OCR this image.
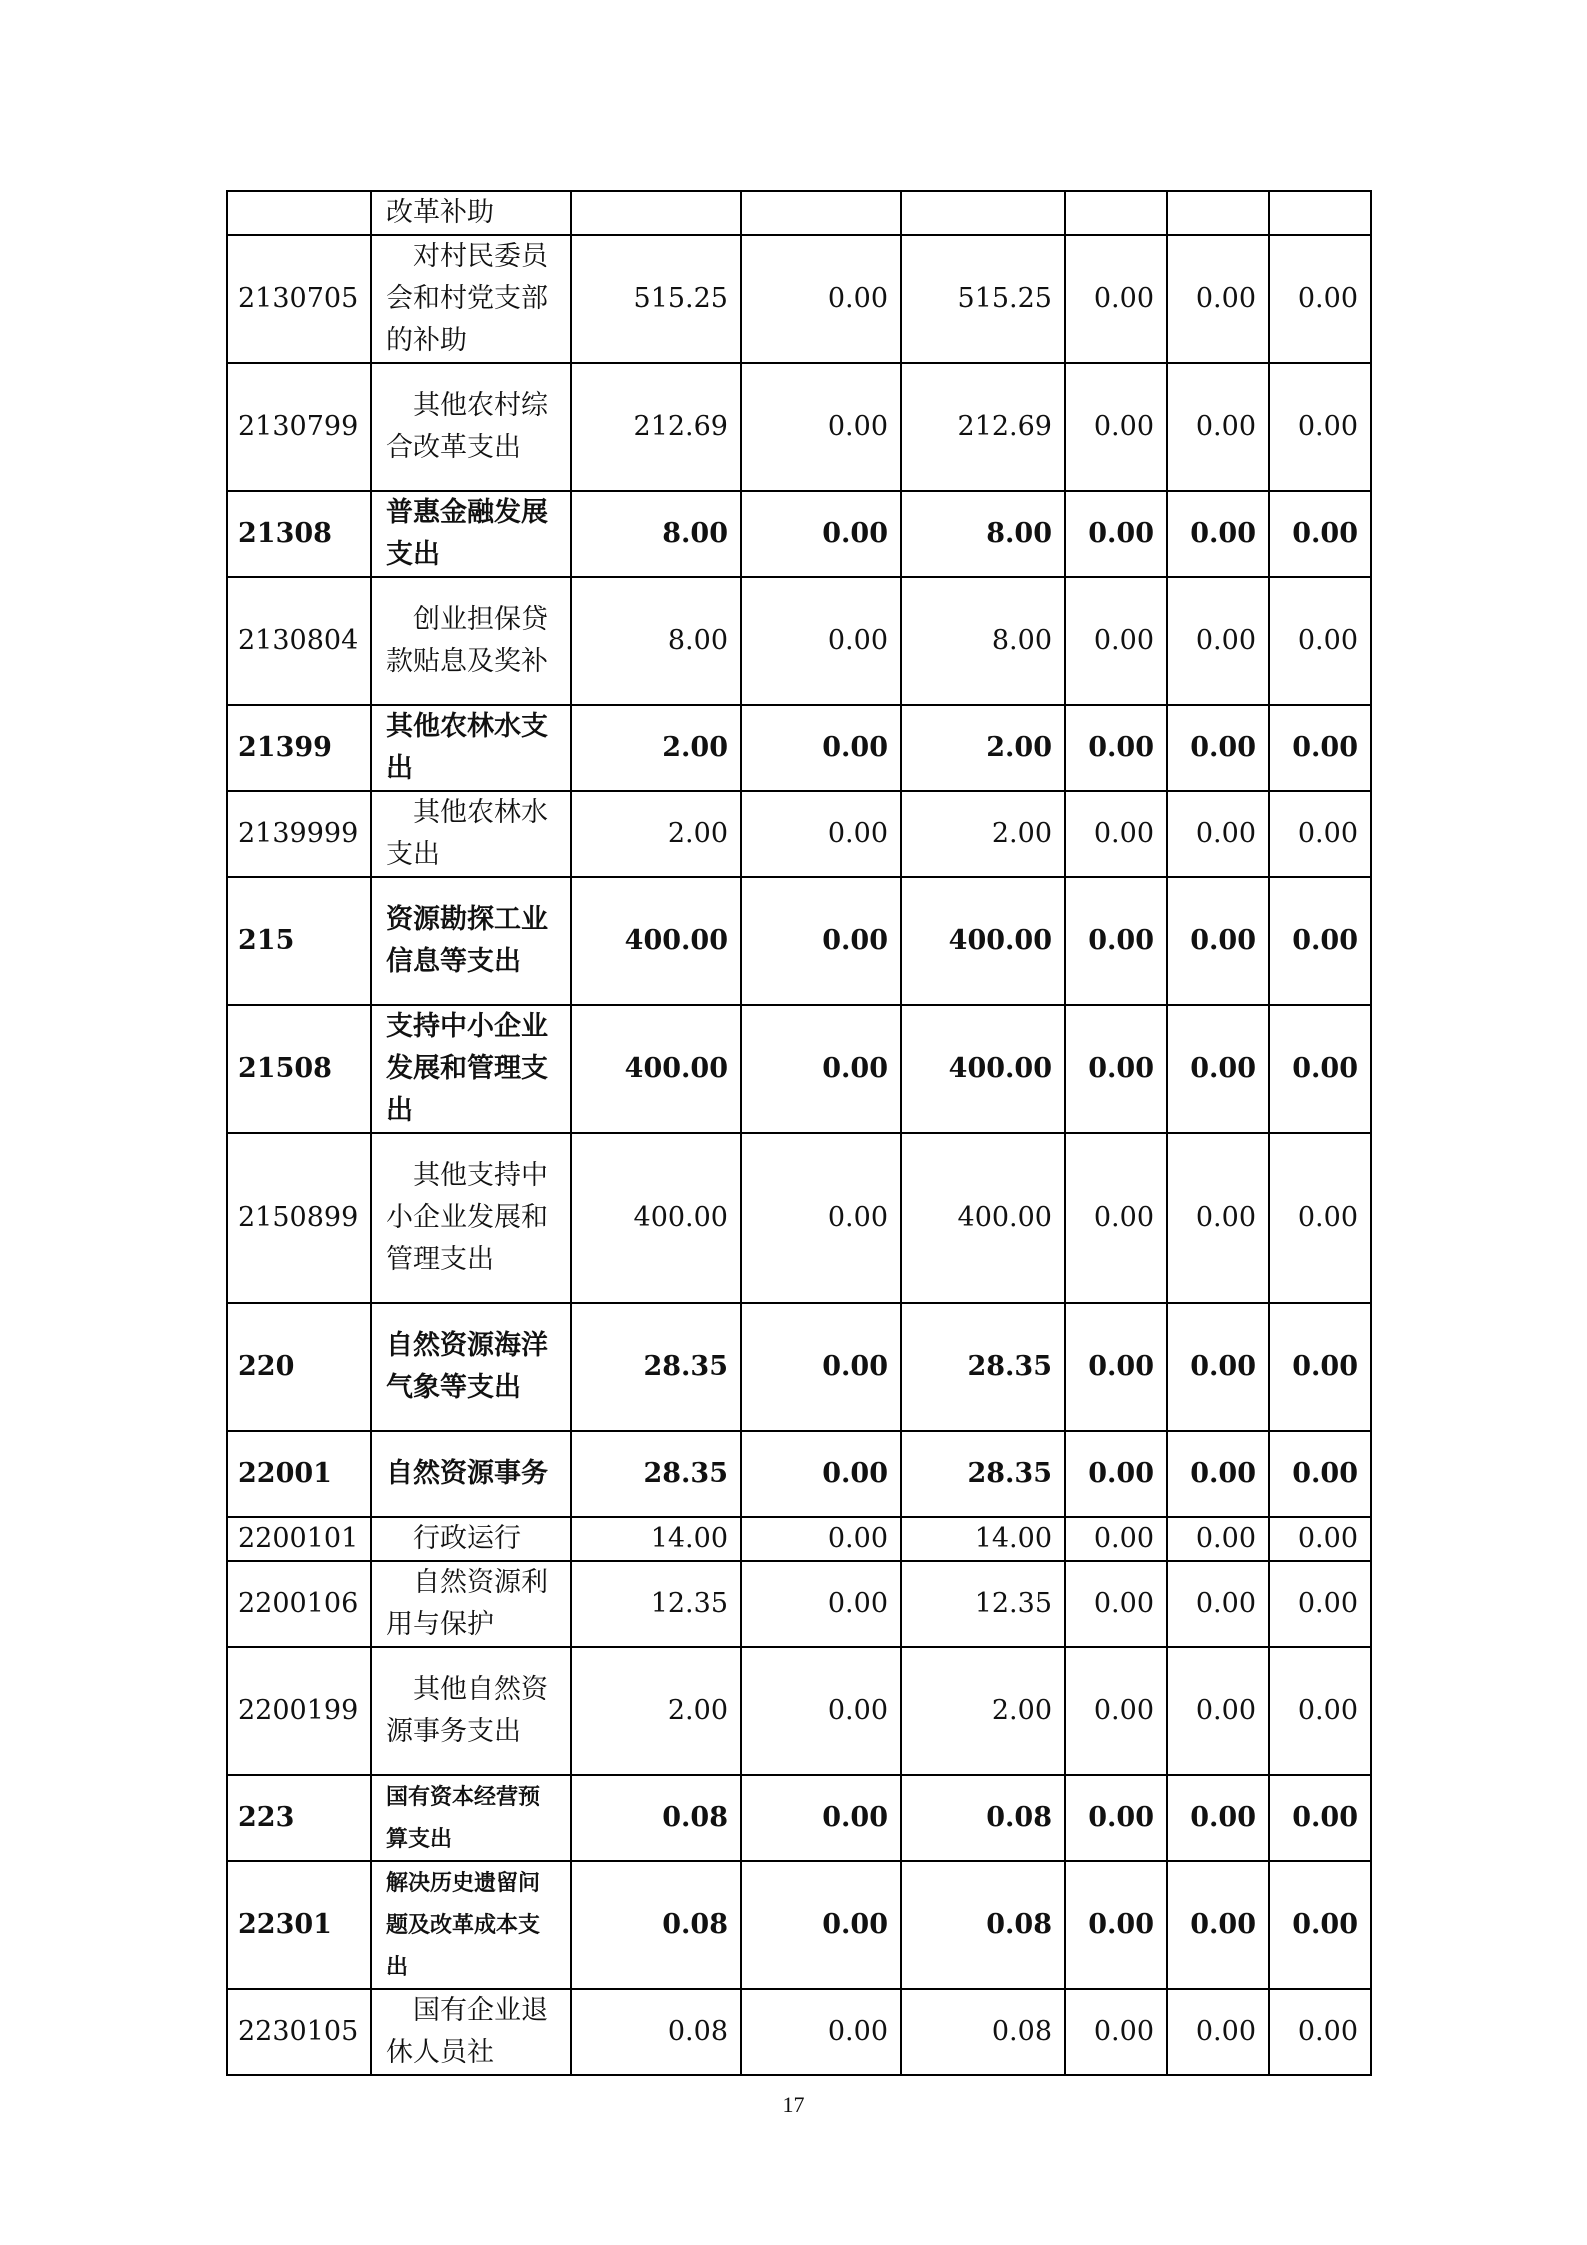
	改革补助						
2130705	对村民委员会和村党支部的补助	515.25	0.00	515.25	0.00	0.00	0.00
2130799	其他农村综合改革支出	212.69	0.00	212.69	0.00	0.00	0.00
21308	普惠金融发展支出	8.00	0.00	8.00	0.00	0.00	0.00
2130804	创业担保贷款贴息及奖补	8.00	0.00	8.00	0.00	0.00	0.00
21399	其他农林水支出	2.00	0.00	2.00	0.00	0.00	0.00
2139999	其他农林水支出	2.00	0.00	2.00	0.00	0.00	0.00
215	资源勘探工业信息等支出	400.00	0.00	400.00	0.00	0.00	0.00
21508	支持中小企业发展和管理支出	400.00	0.00	400.00	0.00	0.00	0.00
2150899	其他支持中小企业发展和管理支出	400.00	0.00	400.00	0.00	0.00	0.00
220	自然资源海洋气象等支出	28.35	0.00	28.35	0.00	0.00	0.00
22001	自然资源事务	28.35	0.00	28.35	0.00	0.00	0.00
2200101	行政运行	14.00	0.00	14.00	0.00	0.00	0.00
2200106	自然资源利用与保护	12.35	0.00	12.35	0.00	0.00	0.00
2200199	其他自然资源事务支出	2.00	0.00	2.00	0.00	0.00	0.00
223	国有资本经营预算支出	0.08	0.00	0.08	0.00	0.00	0.00
22301	解决历史遗留问题及改革成本支出	0.08	0.00	0.08	0.00	0.00	0.00
2230105	国有企业退休人员社	0.08	0.00	0.08	0.00	0.00	0.00
17
